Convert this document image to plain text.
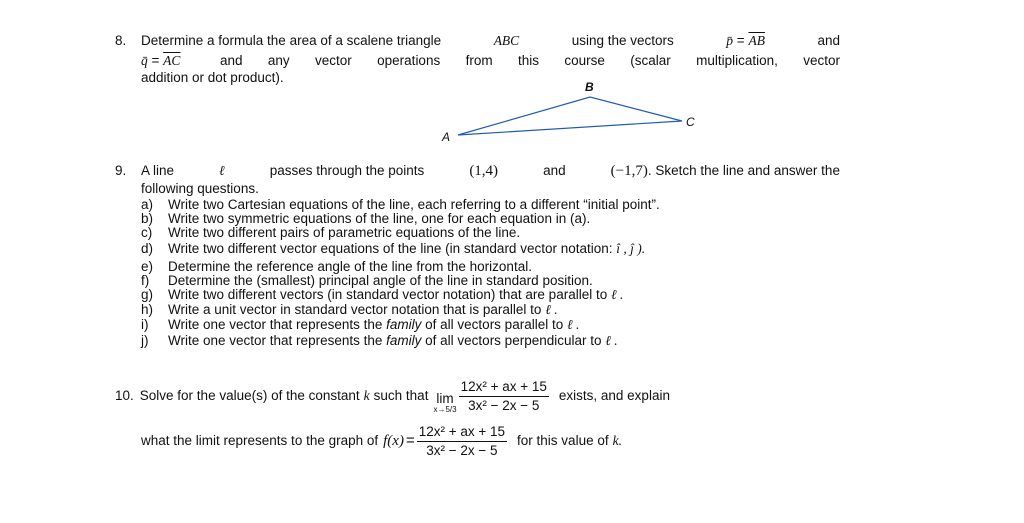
8. Determine a formula the area of a scalene triangle	ABC	using the vectors	p̄ = $\overline{AB}$	and
q̄ = $\overline{AC}$	and any vector operations from this course (scalar multiplication, vector
addition or dot product).
A
B
C
9. A line	ℓ	passes through the points	(1,4)	and	(−1,7). Sketch the line and answer the
following questions.
a) Write two Cartesian equations of the line, each referring to a different “initial point”.
b) Write two symmetric equations of the line, one for each equation in (a).
c) Write two different pairs of parametric equations of the line.
d) Write two different vector equations of the line (in standard vector notation: î , ĵ ).
e) Determine the reference angle of the line from the horizontal.
f) Determine the (smallest) principal angle of the line in standard position.
g) Write two different vectors (in standard vector notation) that are parallel to ℓ .
h) Write a unit vector in standard vector notation that is parallel to ℓ .
i) Write one vector that represents the family of all vectors parallel to ℓ .
j) Write one vector that represents the family of all vectors perpendicular to ℓ .
10. Solve for the value(s) of the constant k such that lim
$x\to 5/3 \frac{\text{12x² + ax + 15}}{\text{3x² − 2x − 5}}$ exists, and explain
what the limit represents to the graph of $f(x) = \frac{\text{12x² + ax + 15}}{\text{3x² − 2x − 5}}$ for this value of k.
